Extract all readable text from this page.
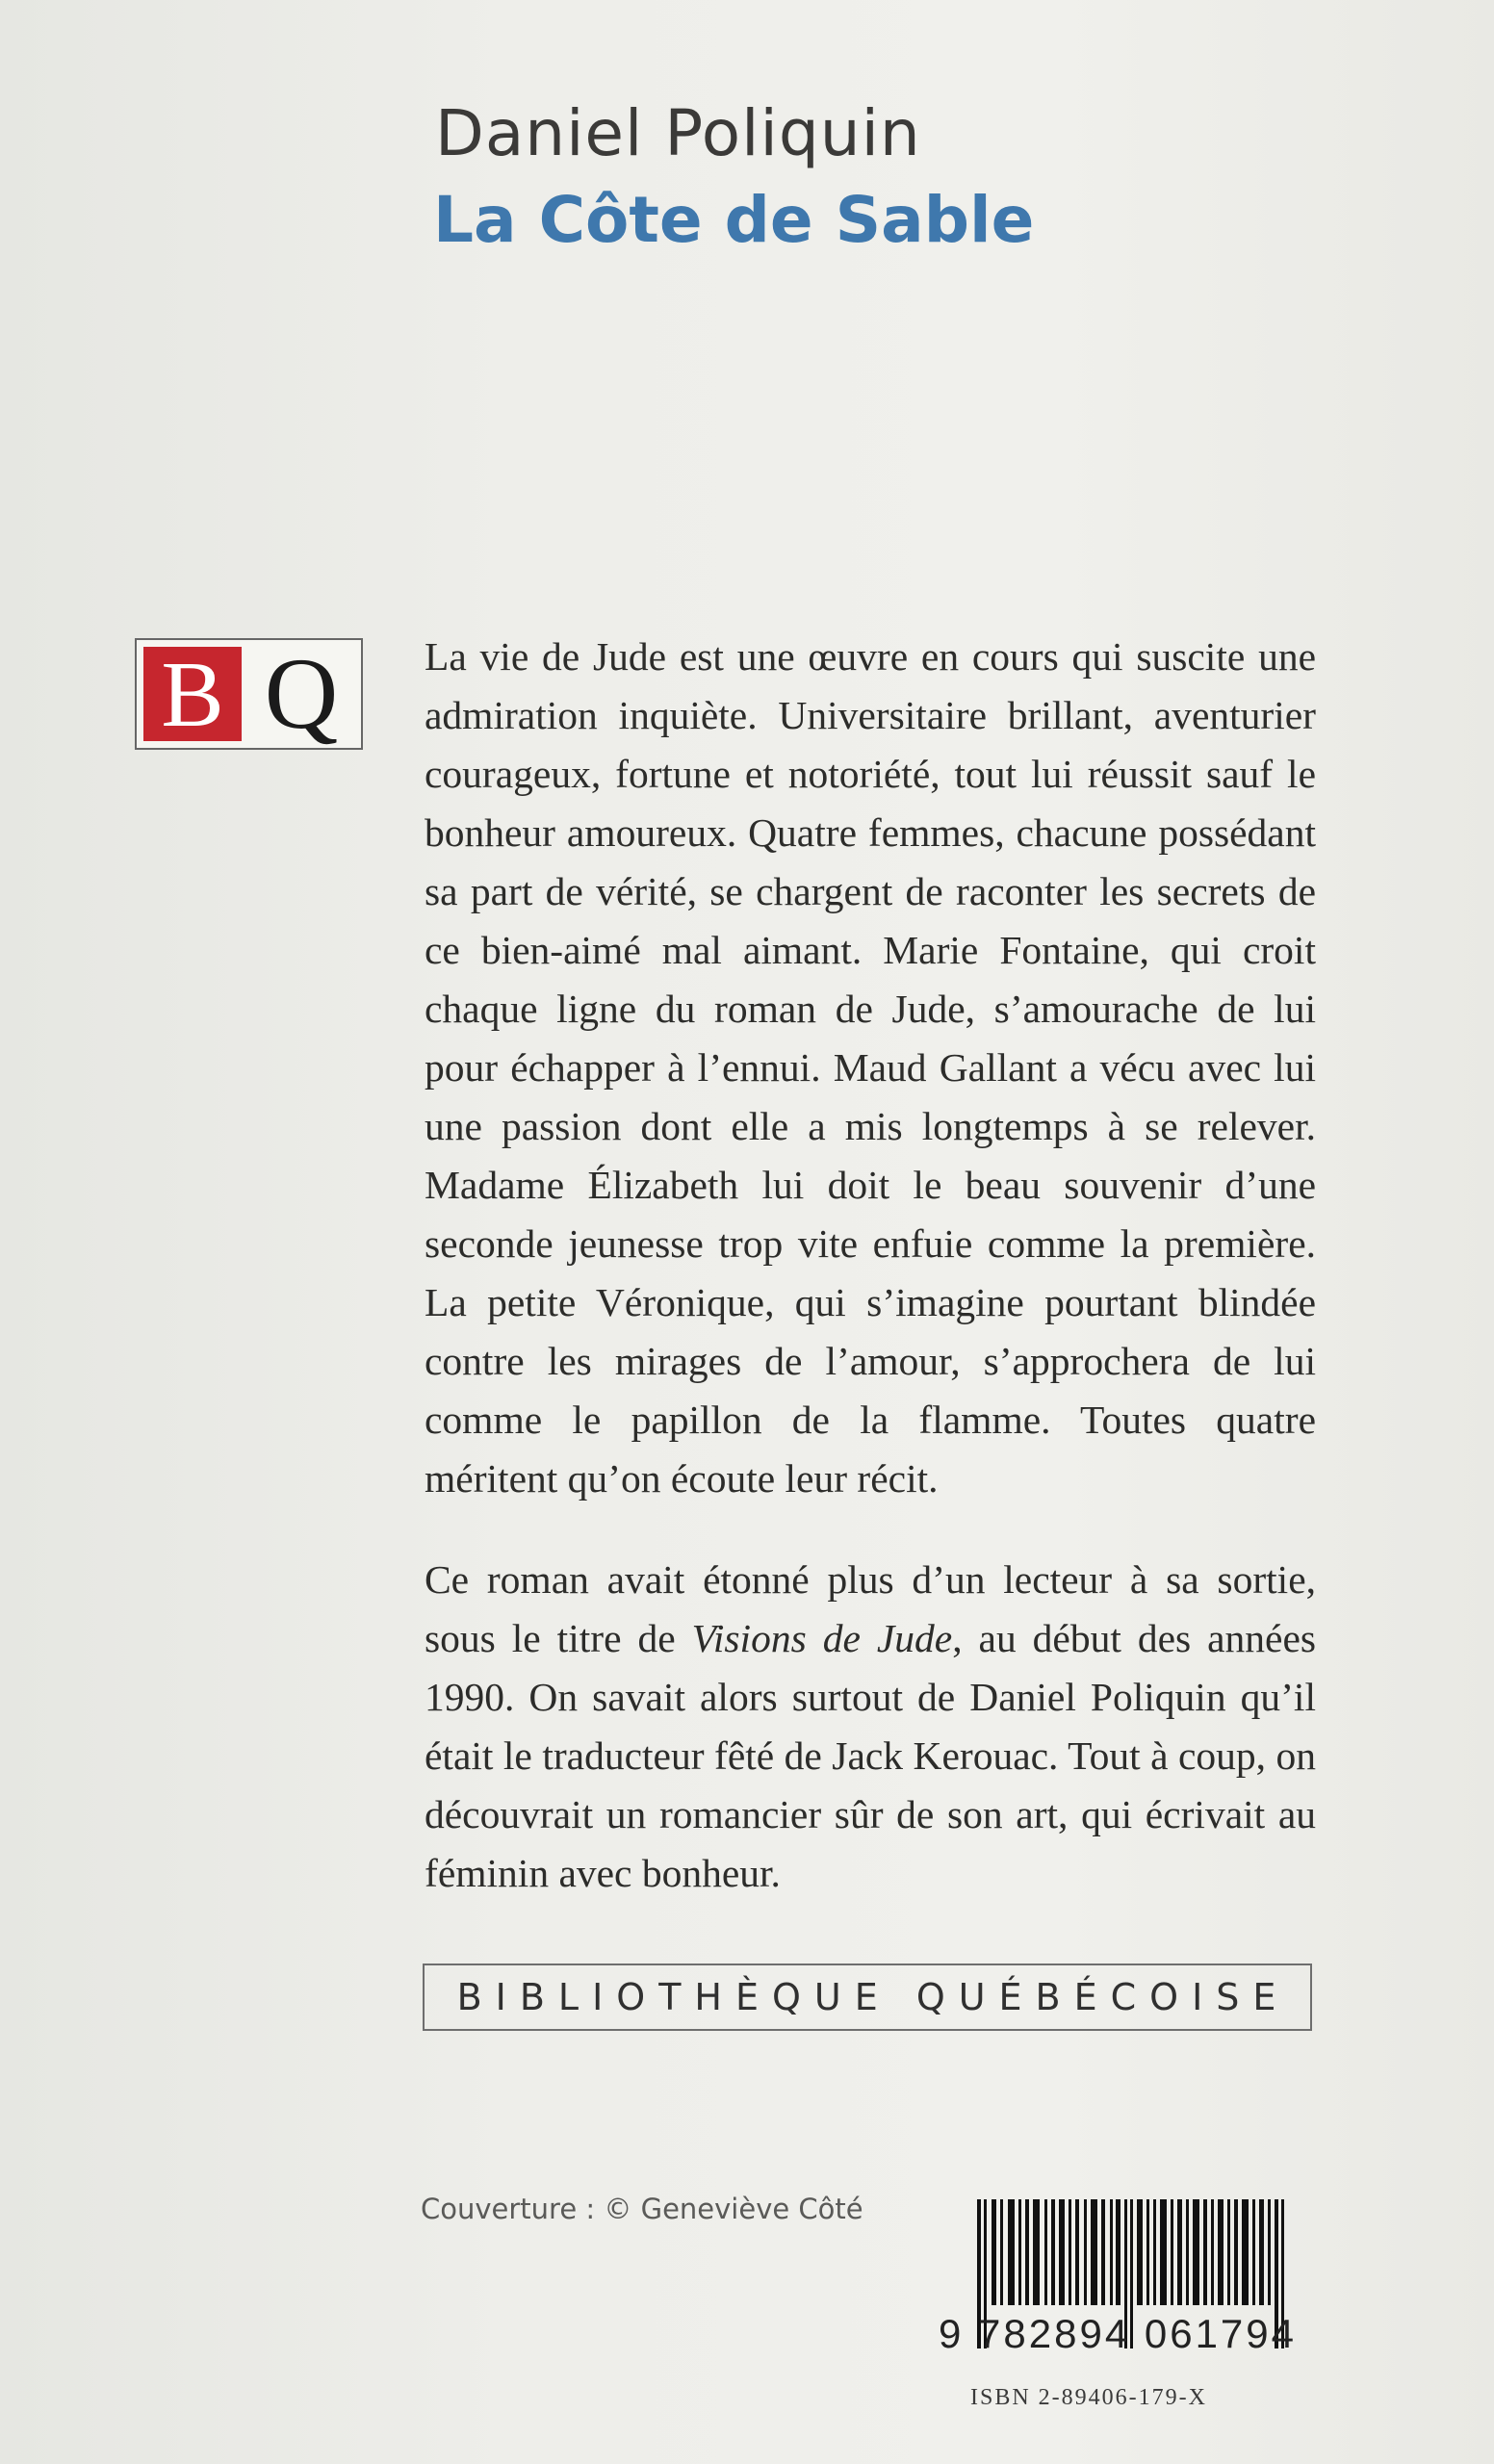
Daniel Poliquin
La Côte de Sable
B Q	La vie de Jude est une œuvre en cours qui suscite une admiration inquiète. Universitaire brillant, aventurier courageux, fortune et notoriété, tout lui réussit sauf le bonheur amoureux. Quatre femmes, chacune possédant sa part de vérité, se chargent de raconter les secrets de ce bien-aimé mal aimant. Marie Fontaine, qui croit chaque ligne du roman de Jude, s’amourache de lui pour échapper à l’ennui. Maud Gallant a vécu avec lui une passion dont elle a mis longtemps à se relever. Madame Élizabeth lui doit le beau souvenir d’une seconde jeunesse trop vite enfuie comme la première. La petite Véronique, qui s’imagine pourtant blindée contre les mirages de l’amour, s’approchera de lui comme le papillon de la flamme. Toutes quatre méritent qu’on écoute leur récit.

Ce roman avait étonné plus d’un lecteur à sa sortie, sous le titre de Visions de Jude, au début des années 1990. On savait alors surtout de Daniel Poliquin qu’il était le traducteur fêté de Jack Kerouac. Tout à coup, on découvrait un romancier sûr de son art, qui écrivait au féminin avec bonheur.

BIBLIOTHÈQUE QUÉBÉCOISE
Couverture : © Geneviève Côté
9 782894 061794
ISBN 2-89406-179-X
